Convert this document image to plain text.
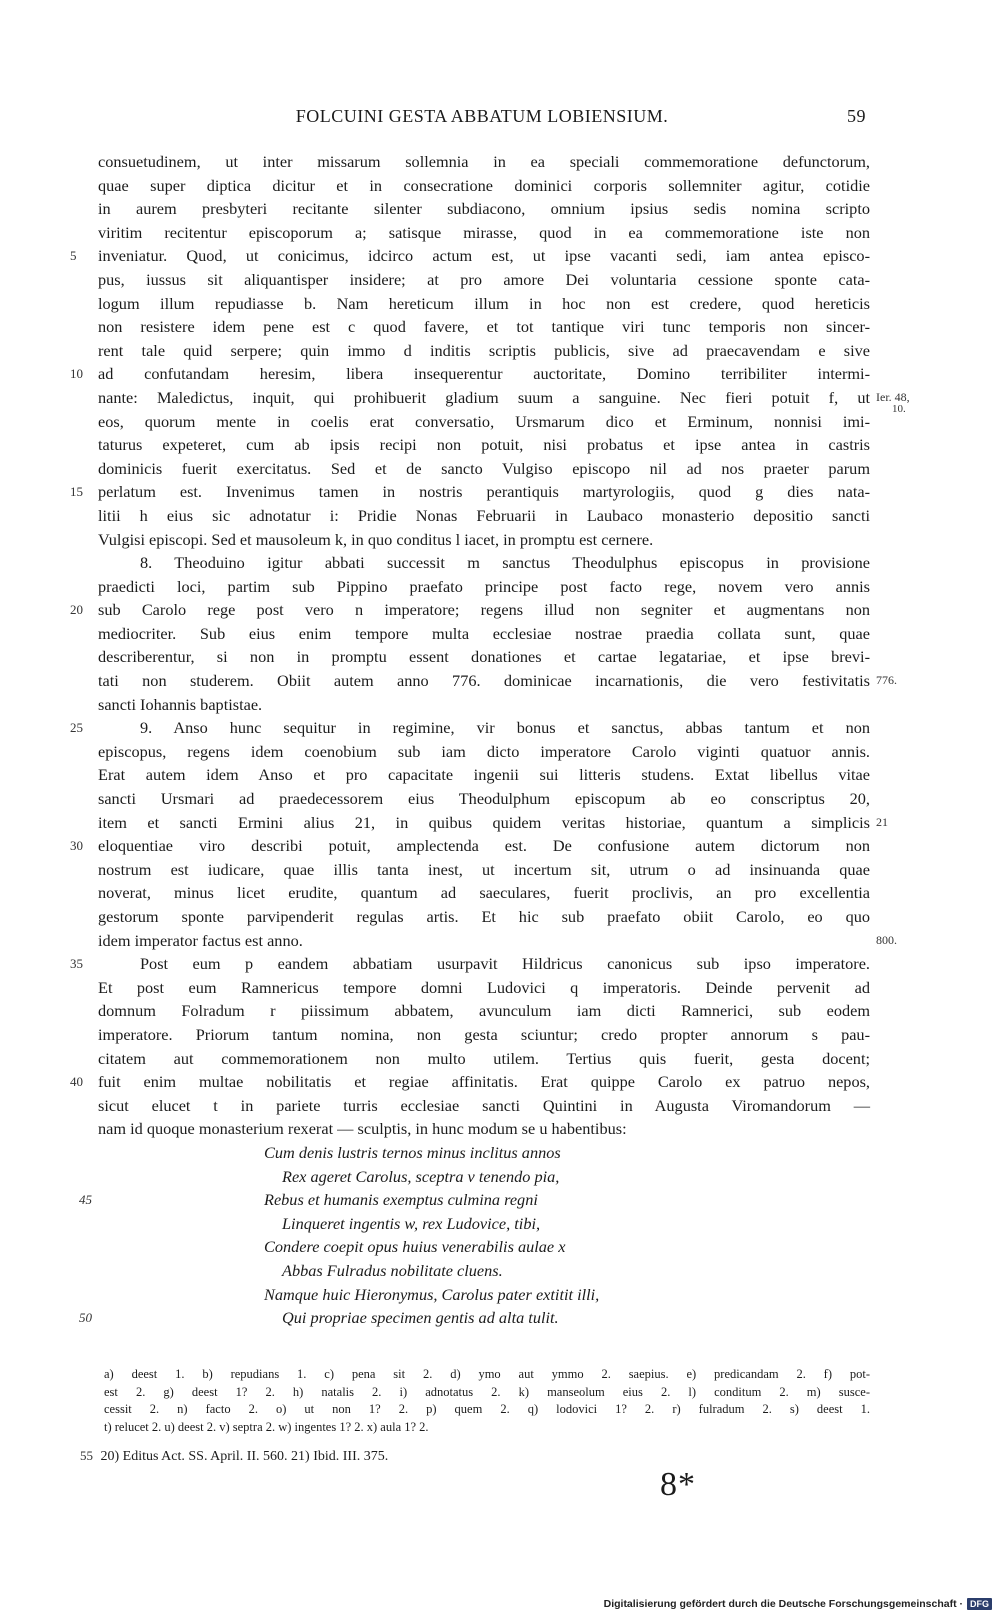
FOLCUINI GESTA ABBATUM LOBIENSIUM.	59
consuetudinem, ut inter missarum sollemnia in ea speciali commemoratione defunctorum,
quae super diptica dicitur et in consecratione dominici corporis sollemniter agitur, cotidie
in aurem presbyteri recitante silenter subdiacono, omnium ipsius sedis nomina scripto
viritim recitentur episcoporum a; satisque mirasse, quod in ea commemoratione iste non
5	inveniatur. Quod, ut conicimus, idcirco actum est, ut ipse vacanti sedi, iam antea episco-
pus, iussus sit aliquantisper insidere; at pro amore Dei voluntaria cessione sponte cata-
logum illum repudiasse b. Nam hereticum illum in hoc non est credere, quod hereticis
non resistere idem pene est c quod favere, et tot tantique viri tunc temporis non sincer-
rent tale quid serpere; quin immo d inditis scriptis publicis, sive ad praecavendam e sive
10 ad confutandam heresim, libera insequerentur auctoritate, Domino terribiliter intermi-
nante: Maledictus, inquit, qui prohibuerit gladium suum a sanguine. Nec fieri potuit f, ut Ier. 48,
10.
eos, quorum mente in coelis erat conversatio, Ursmarum dico et Erminum, nonnisi imi-
taturus expeteret, cum ab ipsis recipi non potuit, nisi probatus et ipse antea in castris
dominicis fuerit exercitatus. Sed et de sancto Vulgiso episcopo nil ad nos praeter parum
15 perlatum est. Invenimus tamen in nostris perantiquis martyrologiis, quod g dies nata-
litii h eius sic adnotatur i: Pridie Nonas Februarii in Laubaco monasterio depositio sancti
Vulgisi episcopi. Sed et mausoleum k, in quo conditus l iacet, in promptu est cernere.
8. Theoduino igitur abbati successit m sanctus Theodulphus episcopus in provisione
praedicti loci, partim sub Pippino praefato principe post facto rege, novem vero annis
20 sub Carolo rege post vero n imperatore; regens illud non segniter et augmentans non
mediocriter. Sub eius enim tempore multa ecclesiae nostrae praedia collata sunt, quae
describerentur, si non in promptu essent donationes et cartae legatariae, et ipse brevi-
tati non studerem. Obiit autem anno 776. dominicae incarnationis, die vero festivitatis 776.
sancti Iohannis baptistae.
25	9. Anso hunc sequitur in regimine, vir bonus et sanctus, abbas tantum et non
episcopus, regens idem coenobium sub iam dicto imperatore Carolo viginti quatuor annis.
Erat autem idem Anso et pro capacitate ingenii sui litteris studens. Extat libellus vitae
sancti Ursmari ad praedecessorem eius Theodulphum episcopum ab eo conscriptus 20,
item et sancti Ermini alius 21, in quibus quidem veritas historiae, quantum a simplicis 21
30 eloquentiae viro describi potuit, amplectenda est. De confusione autem dictorum non
nostrum est iudicare, quae illis tanta inest, ut incertum sit, utrum o ad insinuanda quae
noverat, minus licet erudite, quantum ad saeculares, fuerit proclivis, an pro excellentia
gestorum sponte parvipenderit regulas artis. Et hic sub praefato obiit Carolo, eo quo
idem imperator factus est anno.	800.
35	Post eum p eandem abbatiam usurpavit Hildricus canonicus sub ipso imperatore.
Et post eum Ramnericus tempore domni Ludovici q imperatoris. Deinde pervenit ad
domnum Folradum r piissimum abbatem, avunculum iam dicti Ramnerici, sub eodem
imperatore. Priorum tantum nomina, non gesta sciuntur; credo propter annorum s pau-
citatem aut commemorationem non multo utilem. Tertius quis fuerit, gesta docent;
40 fuit enim multae nobilitatis et regiae affinitatis. Erat quippe Carolo ex patruo nepos,
sicut elucet t in pariete turris ecclesiae sancti Quintini in Augusta Viromandorum —
nam id quoque monasterium rexerat — sculptis, in hunc modum se u habentibus:
Cum denis lustris ternos minus inclitus annos
Rex ageret Carolus, sceptra v tenendo pia,
45	Rebus et humanis exemptus culmina regni
Linqueret ingentis w, rex Ludovice, tibi,
Condere coepit opus huius venerabilis aulae x
Abbas Fulradus nobilitate cluens.
Namque huic Hieronymus, Carolus pater extitit illi,
50	Qui propriae specimen gentis ad alta tulit.
a) deest 1. b) repudians 1. c) pena sit 2. d) ymo aut ymmo 2. saepius. e) predicandam 2. f) pot-
est 2. g) deest 1? 2. h) natalis 2. i) adnotatus 2. k) manseolum eius 2. l) conditum 2. m) susce-
cessit 2. n) facto 2. o) ut non 1? 2. p) quem 2. q) lodovici 1? 2. r) fulradum 2. s) deest 1.
t) relucet 2. u) deest 2. v) septra 2. w) ingentes 1? 2. x) aula 1? 2.
55 20) Editus Act. SS. April. II. 560. 21) Ibid. III. 375.
8*
Digitalisierung gefördert durch die Deutsche Forschungsgemeinschaft · DFG
